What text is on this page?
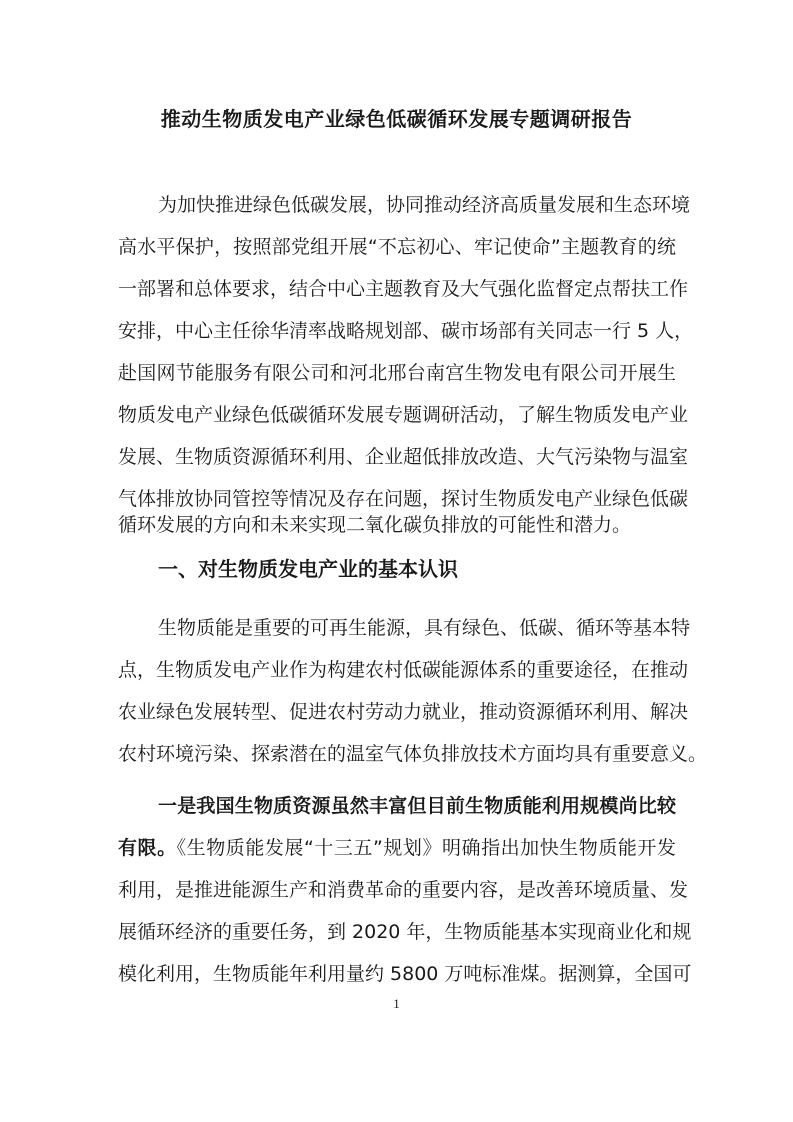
推动生物质发电产业绿色低碳循环发展专题调研报告
为加快推进绿色低碳发展，协同推动经济高质量发展和生态环境
高水平保护，按照部党组开展“不忘初心、牢记使命”主题教育的统
一部署和总体要求，结合中心主题教育及大气强化监督定点帮扶工作
安排，中心主任徐华清率战略规划部、碳市场部有关同志一行 5 人，
赴国网节能服务有限公司和河北邢台南宫生物发电有限公司开展生
物质发电产业绿色低碳循环发展专题调研活动，了解生物质发电产业
发展、生物质资源循环利用、企业超低排放改造、大气污染物与温室
气体排放协同管控等情况及存在问题，探讨生物质发电产业绿色低碳
循环发展的方向和未来实现二氧化碳负排放的可能性和潜力。
一、对生物质发电产业的基本认识
生物质能是重要的可再生能源，具有绿色、低碳、循环等基本特
点，生物质发电产业作为构建农村低碳能源体系的重要途径，在推动
农业绿色发展转型、促进农村劳动力就业，推动资源循环利用、解决
农村环境污染、探索潜在的温室气体负排放技术方面均具有重要意义。
一是我国生物质资源虽然丰富但目前生物质能利用规模尚比较
有限。《生物质能发展“十三五”规划》明确指出加快生物质能开发
利用，是推进能源生产和消费革命的重要内容，是改善环境质量、发
展循环经济的重要任务，到 2020 年，生物质能基本实现商业化和规
模化利用，生物质能年利用量约 5800 万吨标准煤。据测算，全国可
1
